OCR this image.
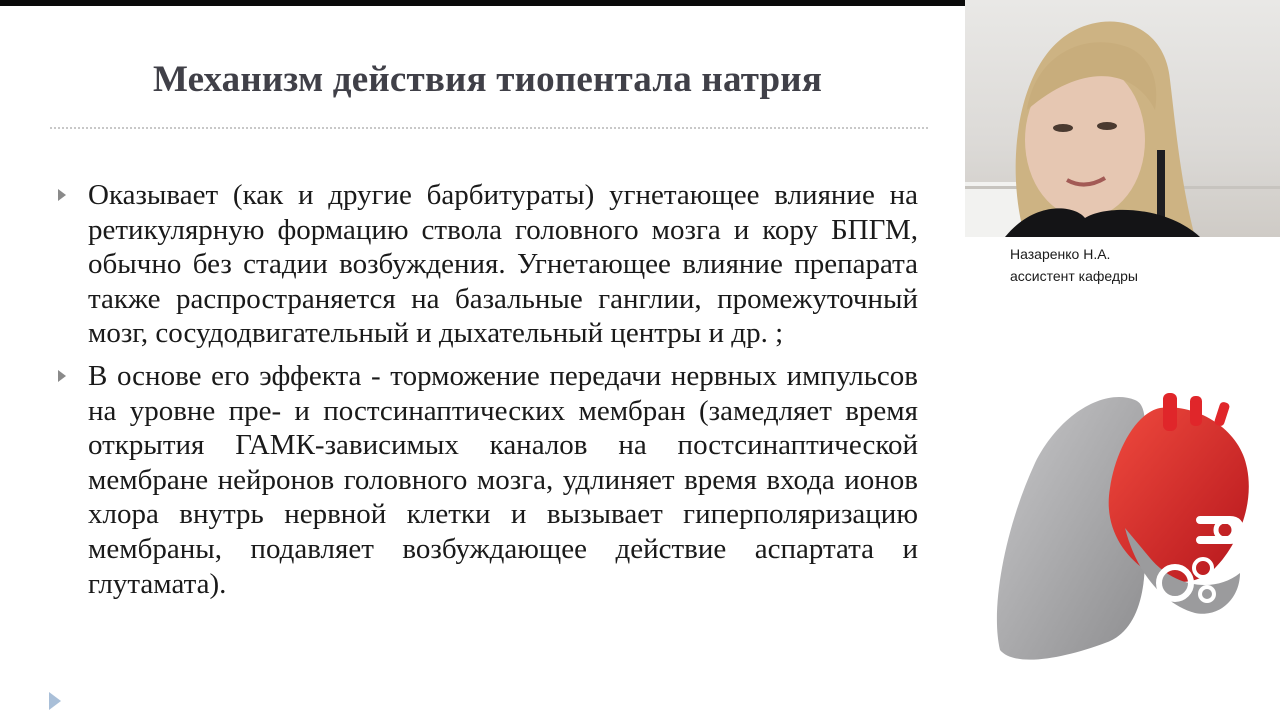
Механизм действия тиопентала натрия
Оказывает (как и другие барбитураты) угнетающее влияние на ретикулярную формацию ствола головного мозга и кору БПГМ, обычно без стадии возбуждения. Угнетающее влияние препарата также распространяется на базальные ганглии, промежуточный мозг, сосудодвигательный и дыхательный центры и др. ;
В основе его эффекта - торможение передачи нервных импульсов на уровне пре- и постсинаптических мембран (замедляет время открытия ГАМК-зависимых каналов на постсинаптической мембране нейронов головного мозга, удлиняет время входа ионов хлора внутрь нервной клетки и вызывает гиперполяризацию мембраны, подавляет возбуждающее действие аспартата и глутамата).

Назаренко Н.А.

ассистент кафедры
